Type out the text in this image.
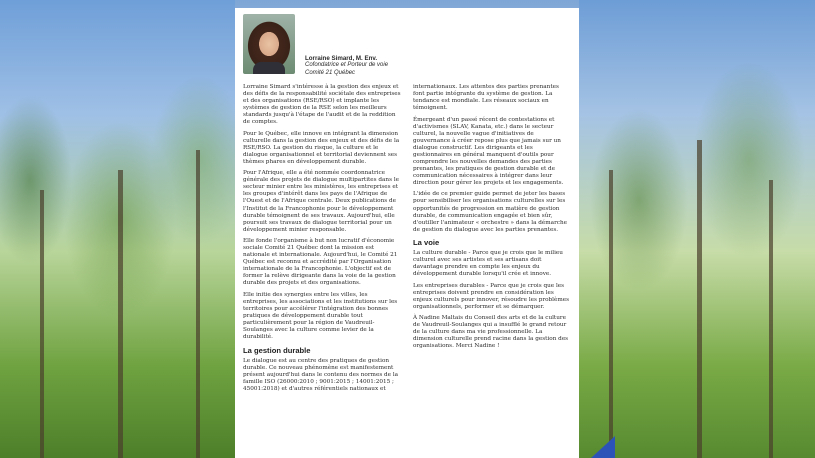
Lorraine Simard, M. Env.
Cofondatrice et Porteur de voie
Comité 21 Québec

Lorraine Simard s'intéresse à la gestion des enjeux et des défis de la responsabilité sociétale des entreprises et des organisations (RSE/RSO) et implante les systèmes de gestion de la RSE selon les meilleurs standards jusqu'à l'étape de l'audit et de la reddition de comptes.

Pour le Québec, elle innove en intégrant la dimension culturelle dans la gestion des enjeux et des défis de la RSE/RSO. La gestion du risque, la culture et le dialogue organisationnel et territorial deviennent ses thèmes phares en développement durable.

Pour l'Afrique, elle a été nommée coordonnatrice générale des projets de dialogue multipartites dans le secteur minier entre les ministères, les entreprises et les groupes d'intérêt dans les pays de l'Afrique de l'Ouest et de l'Afrique centrale. Deux publications de l'Institut de la Francophonie pour le développement durable témoignent de ses travaux. Aujourd'hui, elle poursuit ses travaux de dialogue territorial pour un développement minier responsable.

Elle fonde l'organisme à but non lucratif d'économie sociale Comité 21 Québec dont la mission est nationale et internationale. Aujourd'hui, le Comité 21 Québec est reconnu et accrédité par l'Organisation internationale de la Francophonie. L'objectif est de former la relève dirigeante dans la voie de la gestion durable des projets et des organisations.

Elle initie des synergies entre les villes, les entreprises, les associations et les institutions sur les territoires pour accélérer l'intégration des bonnes pratiques de développement durable tout particulièrement pour la région de Vaudreuil-Soulanges avec la culture comme levier de la durabilité.

La gestion durable

Le dialogue est au centre des pratiques de gestion durable. Ce nouveau phénomène est manifestement présent aujourd'hui dans le contenu des normes de la famille ISO (26000:2010 ; 9001:2015 ; 14001:2015 ; 45001:2018) et d'autres référentiels nationaux et

internationaux. Les attentes des parties prenantes font partie intégrante du système de gestion. La tendance est mondiale. Les réseaux sociaux en témoignent.

Émergeant d'un passé récent de contestations et d'activismes (SLAV, Kanata, etc.) dans le secteur culturel, la nouvelle vague d'initiatives de gouvernance à créer repose plus que jamais sur un dialogue constructif. Les dirigeants et les gestionnaires en général manquent d'outils pour comprendre les nouvelles demandes des parties prenantes, les pratiques de gestion durable et de communication nécessaires à intégrer dans leur direction pour gérer les projets et les engagements.

L'idée de ce premier guide permet de jeter les bases pour sensibiliser les organisations culturelles sur les opportunités de progression en matière de gestion durable, de communication engagée et bien sûr, d'outiller l'animateur « orchestre » dans la démarche de gestion du dialogue avec les parties prenantes.

La voie

La culture durable - Parce que je crois que le milieu culturel avec ses artistes et ses artisans doit davantage prendre en compte les enjeux du développement durable lorsqu'il crée et innove.

Les entreprises durables - Parce que je crois que les entreprises doivent prendre en considération les enjeux culturels pour innover, résoudre les problèmes organisationnels, performer et se démarquer.

À Nadine Maltais du Conseil des arts et de la culture de Vaudreuil-Soulanges qui a insufflé le grand retour de la culture dans ma vie professionnelle. La dimension culturelle prend racine dans la gestion des organisations. Merci Nadine !
